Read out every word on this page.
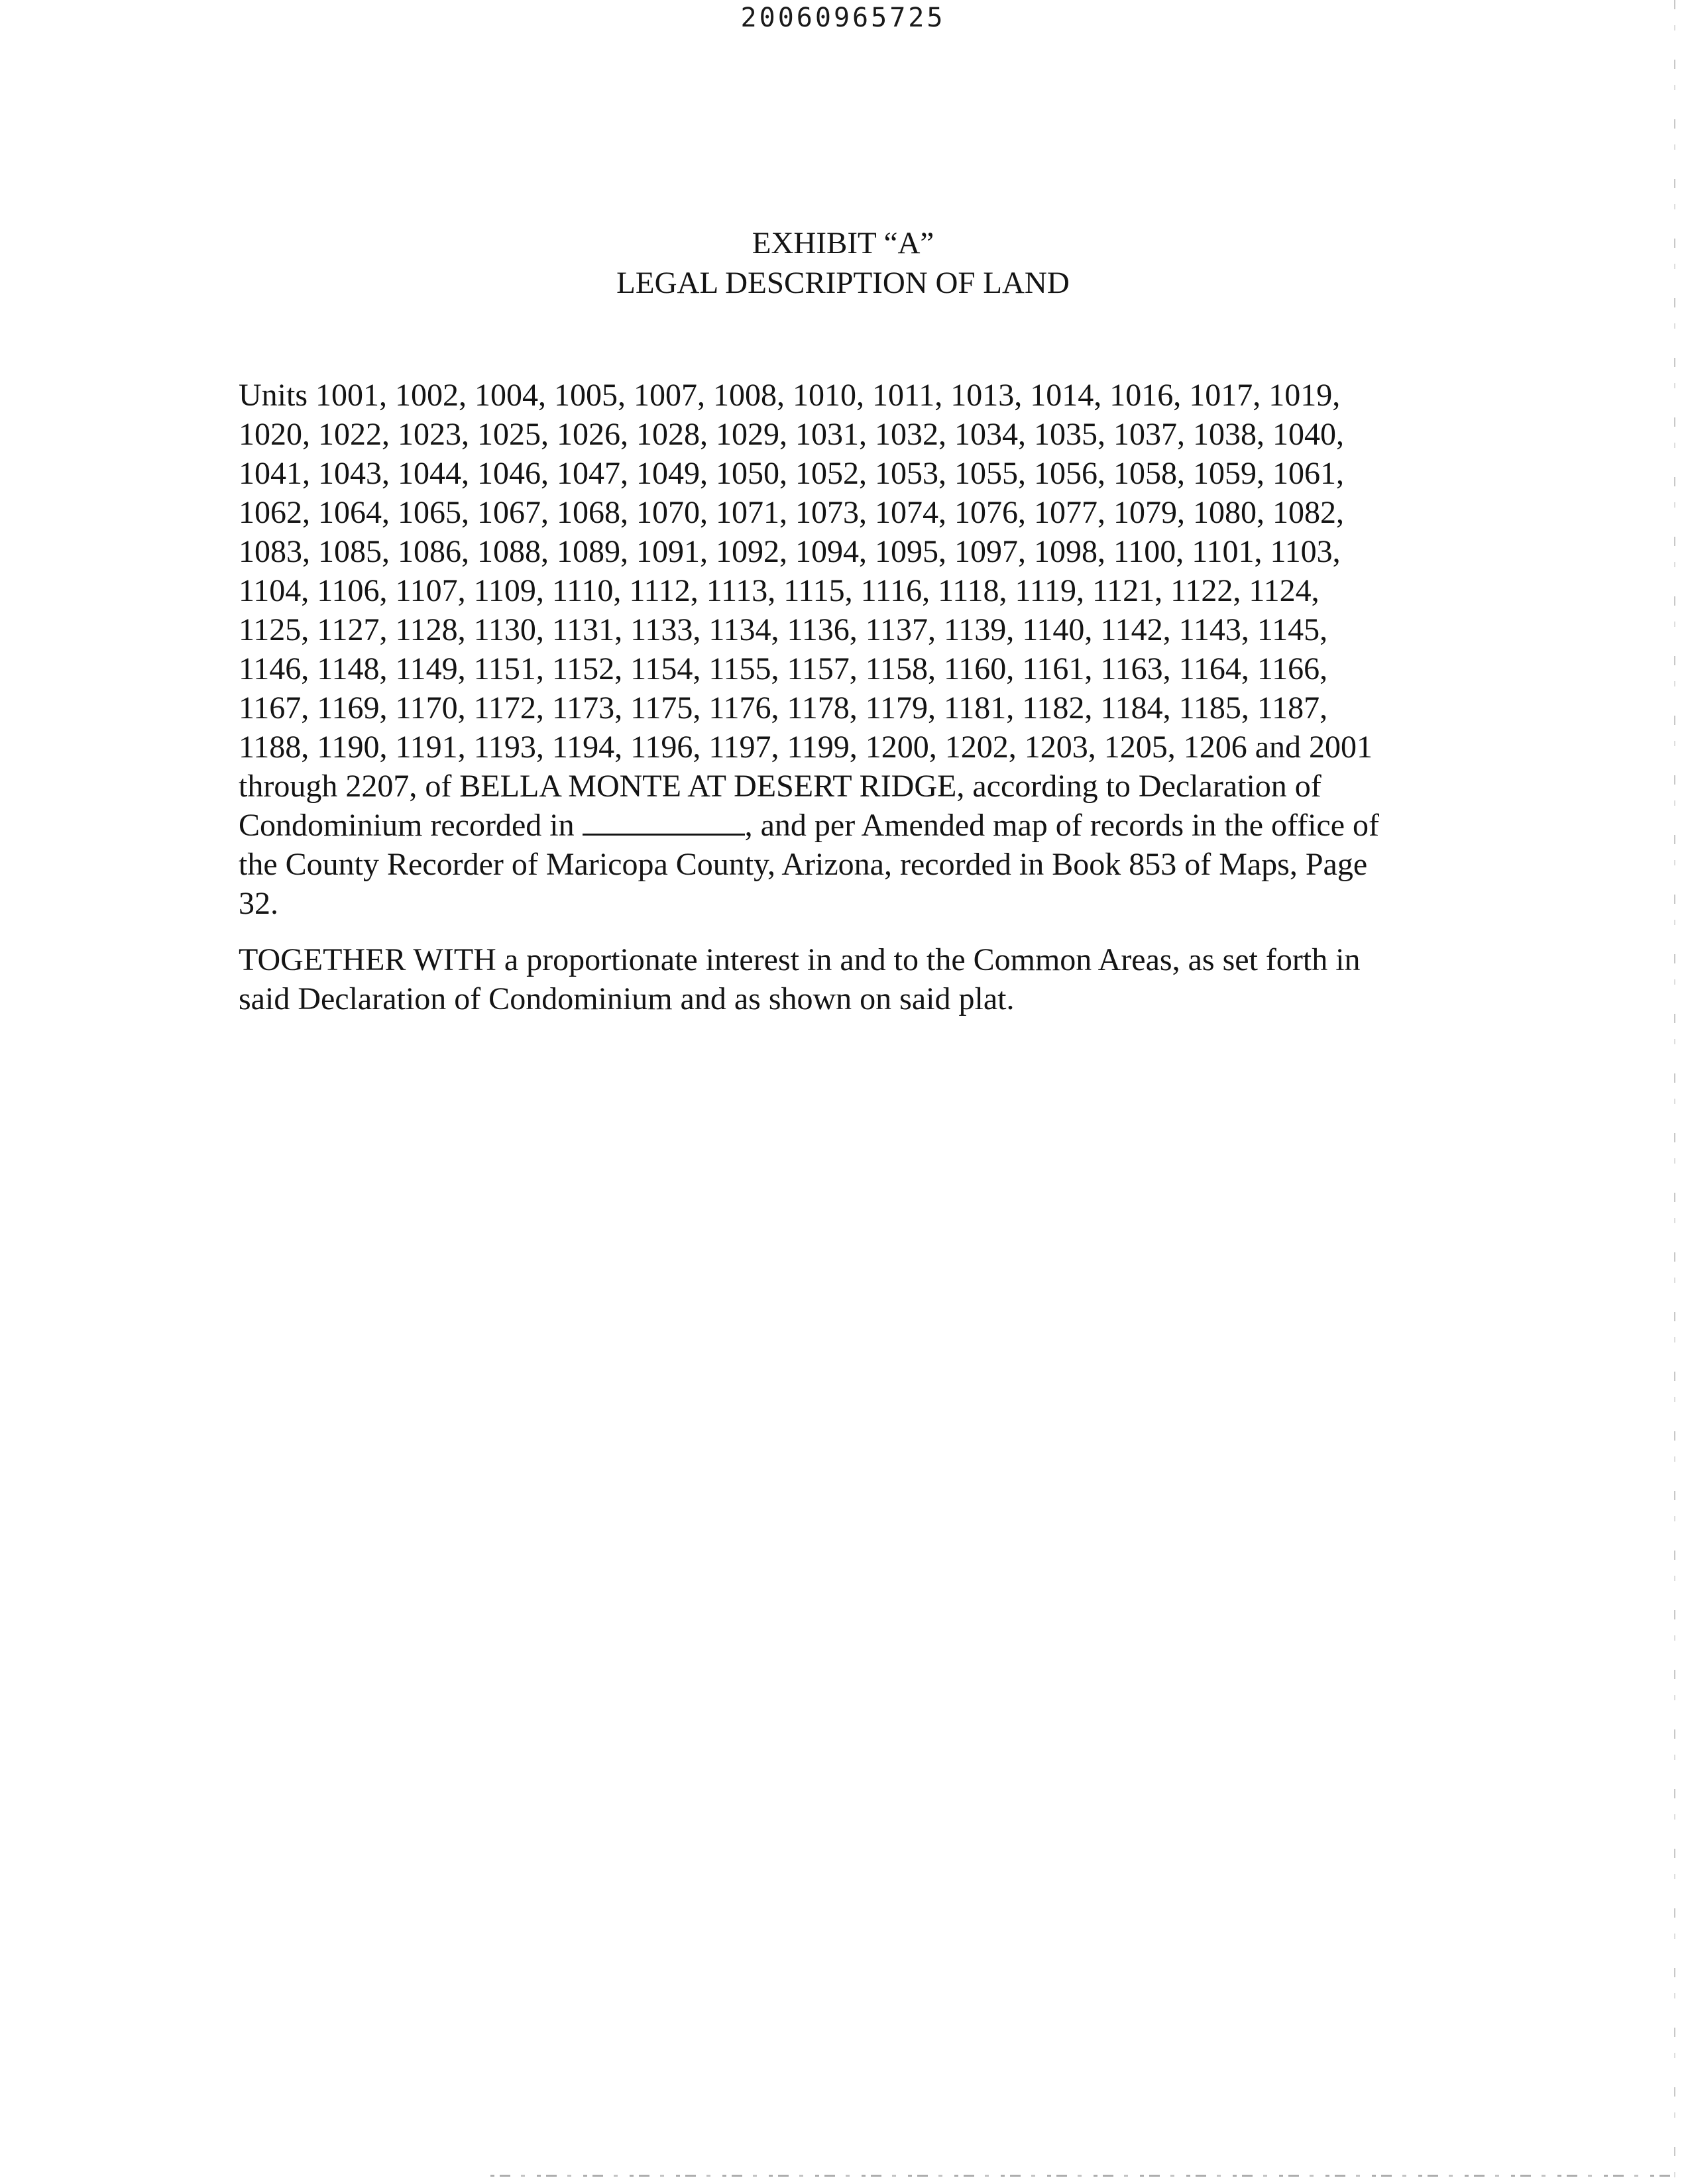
20060965725
EXHIBIT “A”
LEGAL DESCRIPTION OF LAND
Units 1001, 1002, 1004, 1005, 1007, 1008, 1010, 1011, 1013, 1014, 1016, 1017, 1019,
1020, 1022, 1023, 1025, 1026, 1028, 1029, 1031, 1032, 1034, 1035, 1037, 1038, 1040,
1041, 1043, 1044, 1046, 1047, 1049, 1050, 1052, 1053, 1055, 1056, 1058, 1059, 1061,
1062, 1064, 1065, 1067, 1068, 1070, 1071, 1073, 1074, 1076, 1077, 1079, 1080, 1082,
1083, 1085, 1086, 1088, 1089, 1091, 1092, 1094, 1095, 1097, 1098, 1100, 1101, 1103,
1104, 1106, 1107, 1109, 1110, 1112, 1113, 1115, 1116, 1118, 1119, 1121, 1122, 1124,
1125, 1127, 1128, 1130, 1131, 1133, 1134, 1136, 1137, 1139, 1140, 1142, 1143, 1145,
1146, 1148, 1149, 1151, 1152, 1154, 1155, 1157, 1158, 1160, 1161, 1163, 1164, 1166,
1167, 1169, 1170, 1172, 1173, 1175, 1176, 1178, 1179, 1181, 1182, 1184, 1185, 1187,
1188, 1190, 1191, 1193, 1194, 1196, 1197, 1199, 1200, 1202, 1203, 1205, 1206 and 2001
through 2207, of BELLA MONTE AT DESERT RIDGE, according to Declaration of
Condominium recorded in	, and per Amended map of records in the office of
the County Recorder of Maricopa County, Arizona, recorded in Book 853 of Maps, Page
32.
TOGETHER WITH a proportionate interest in and to the Common Areas, as set forth in
said Declaration of Condominium and as shown on said plat.
